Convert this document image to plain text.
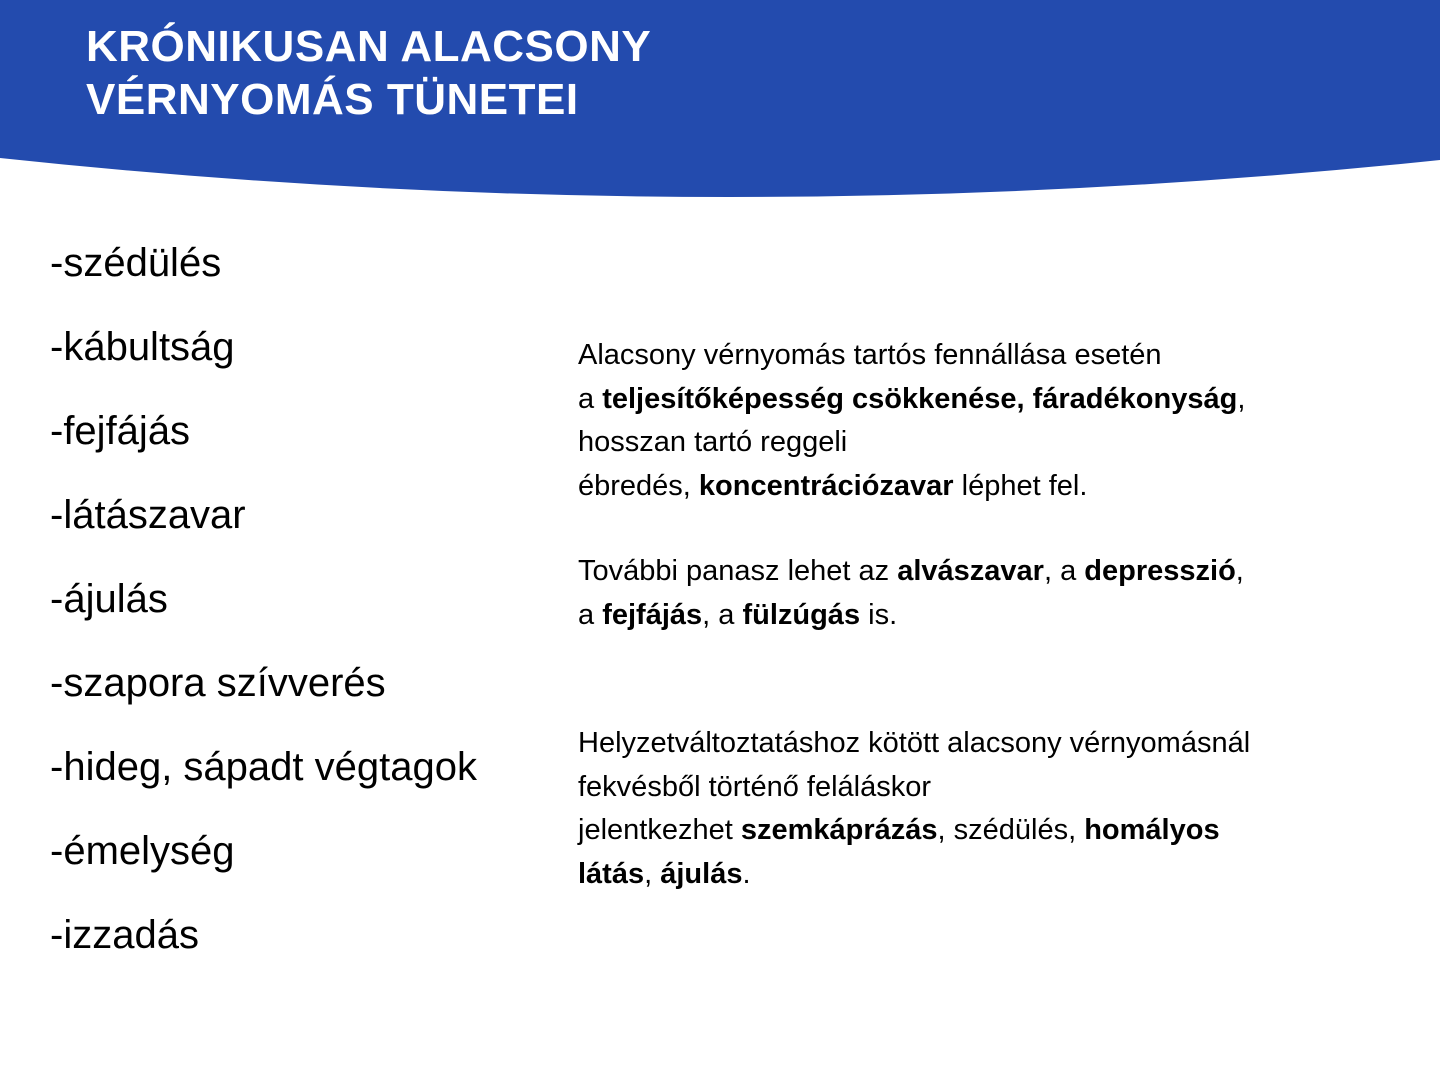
KRÓNIKUSAN ALACSONY
VÉRNYOMÁS TÜNETEI
-szédülés
-kábultság
-fejfájás
-látászavar
-ájulás
-szapora szívverés
-hideg, sápadt végtagok
-émelység
-izzadás

Alacsony vérnyomás tartós fennállása esetén
a teljesítőképesség csökkenése, fáradékonyság,
hosszan tartó reggeli
ébredés, koncentrációzavar léphet fel.

További panasz lehet az alvászavar, a depresszió,
a fejfájás, a fülzúgás is.

Helyzetváltoztatáshoz kötött alacsony vérnyomásnál
fekvésből történő feláláskor
jelentkezhet szemkáprázás, szédülés, homályos
látás, ájulás.
